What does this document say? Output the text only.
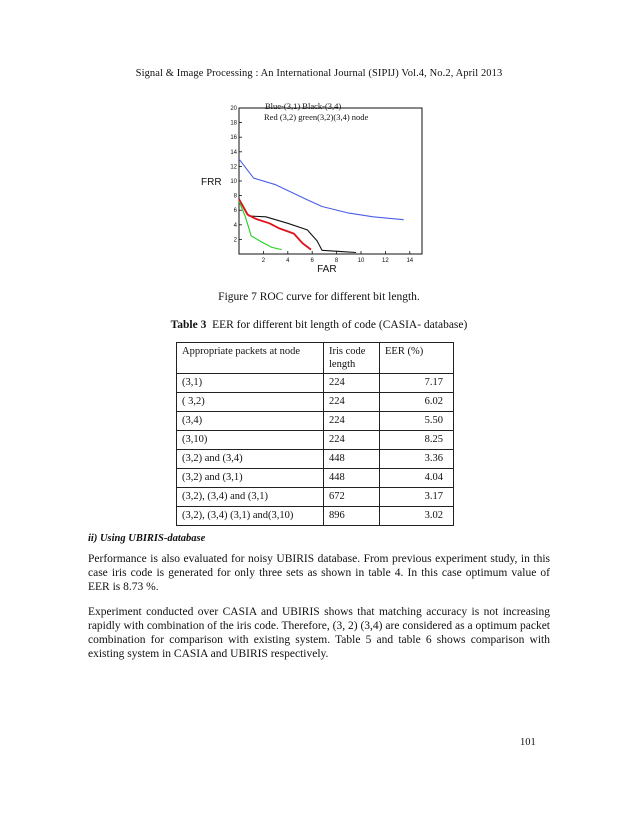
Signal & Image Processing : An International Journal (SIPIJ) Vol.4, No.2, April 2013
2	4	6	8	10	12	14
2
4
6
8
10
12
14
16
18
20
FRR
FAR
Blue-(3,1) Black-(3,4)
Red (3,2) green(3,2)(3,4) node
Figure 7 ROC curve for different bit length.
Table 3 EER for different bit length of code (CASIA- database)
Appropriate packets at node	Iris code length	EER (%)
(3,1)	224	7.17
( 3,2)	224	6.02
(3,4)	224	5.50
(3,10)	224	8.25
(3,2) and (3,4)	448	3.36
(3,2) and (3,1)	448	4.04
(3,2), (3,4) and (3,1)	672	3.17
(3,2), (3,4) (3,1) and(3,10)	896	3.02
ii) Using UBIRIS-database
Performance is also evaluated for noisy UBIRIS database. From previous experiment study, in this case iris code is generated for only three sets as shown in table 4. In this case optimum value of EER is 8.73 %.
Experiment conducted over CASIA and UBIRIS shows that matching accuracy is not increasing rapidly with combination of the iris code. Therefore, (3, 2) (3,4) are considered as a optimum packet combination for comparison with existing system. Table 5 and table 6 shows comparison with existing system in CASIA and UBIRIS respectively.
101
